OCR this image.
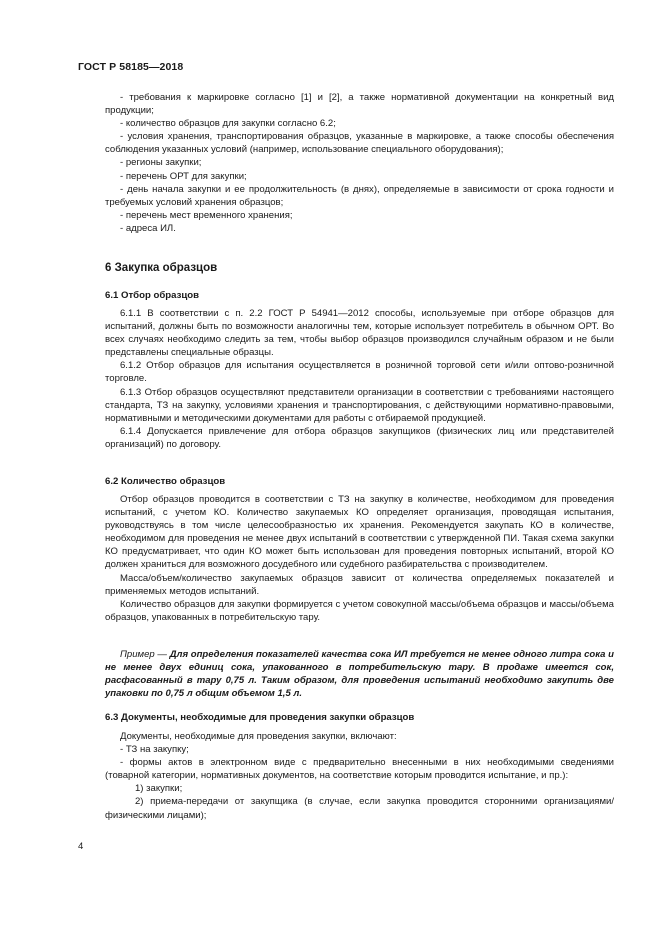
ГОСТ Р 58185—2018

- требования к маркировке согласно [1] и [2], а также нормативной документации на конкретный вид продукции;

- количество образцов для закупки согласно 6.2;

- условия хранения, транспортирования образцов, указанные в маркировке, а также способы обеспечения соблюдения указанных условий (например, использование специального оборудования);

- регионы закупки;

- перечень ОРТ для закупки;

- день начала закупки и ее продолжительность (в днях), определяемые в зависимости от срока годности и требуемых условий хранения образцов;

- перечень мест временного хранения;

- адреса ИЛ.

6 Закупка образцов
6.1 Отбор образцов

6.1.1 В соответствии с п. 2.2 ГОСТ Р 54941—2012 способы, используемые при отборе образцов для испытаний, должны быть по возможности аналогичны тем, которые использует потребитель в обычном ОРТ. Во всех случаях необходимо следить за тем, чтобы выбор образцов производился случайным образом и не были представлены специальные образцы.

6.1.2 Отбор образцов для испытания осуществляется в розничной торговой сети и/или оптово-розничной торговле.

6.1.3 Отбор образцов осуществляют представители организации в соответствии с требованиями настоящего стандарта, ТЗ на закупку, условиями хранения и транспортирования, с действующими нормативно-правовыми, нормативными и методическими документами для работы с отбираемой продукцией.

6.1.4 Допускается привлечение для отбора образцов закупщиков (физических лиц или представителей организаций) по договору.

6.2 Количество образцов

Отбор образцов проводится в соответствии с ТЗ на закупку в количестве, необходимом для проведения испытаний, с учетом КО. Количество закупаемых КО определяет организация, проводящая испытания, руководствуясь в том числе целесообразностью их хранения. Рекомендуется закупать КО в количестве, необходимом для проведения не менее двух испытаний в соответствии с утвержденной ПИ. Такая схема закупки КО предусматривает, что один КО может быть использован для проведения повторных испытаний, второй КО должен храниться для возможного досудебного или судебного разбирательства с производителем.

Масса/объем/количество закупаемых образцов зависит от количества определяемых показателей и применяемых методов испытаний.

Количество образцов для закупки формируется с учетом совокупной массы/объема образцов и массы/объема образцов, упакованных в потребительскую тару.

Пример — Для определения показателей качества сока ИЛ требуется не менее одного литра сока и не менее двух единиц сока, упакованного в потребительскую тару. В продаже имеется сок, расфасованный в тару 0,75 л. Таким образом, для проведения испытаний необходимо закупить две упаковки по 0,75 л общим объемом 1,5 л.

6.3 Документы, необходимые для проведения закупки образцов

Документы, необходимые для проведения закупки, включают:

- ТЗ на закупку;

- формы актов в электронном виде с предварительно внесенными в них необходимыми сведениями (товарной категории, нормативных документов, на соответствие которым проводится испытание, и пр.):

1) закупки;

2) приема-передачи от закупщика (в случае, если закупка проводится сторонними организациями/физическими лицами);

4
